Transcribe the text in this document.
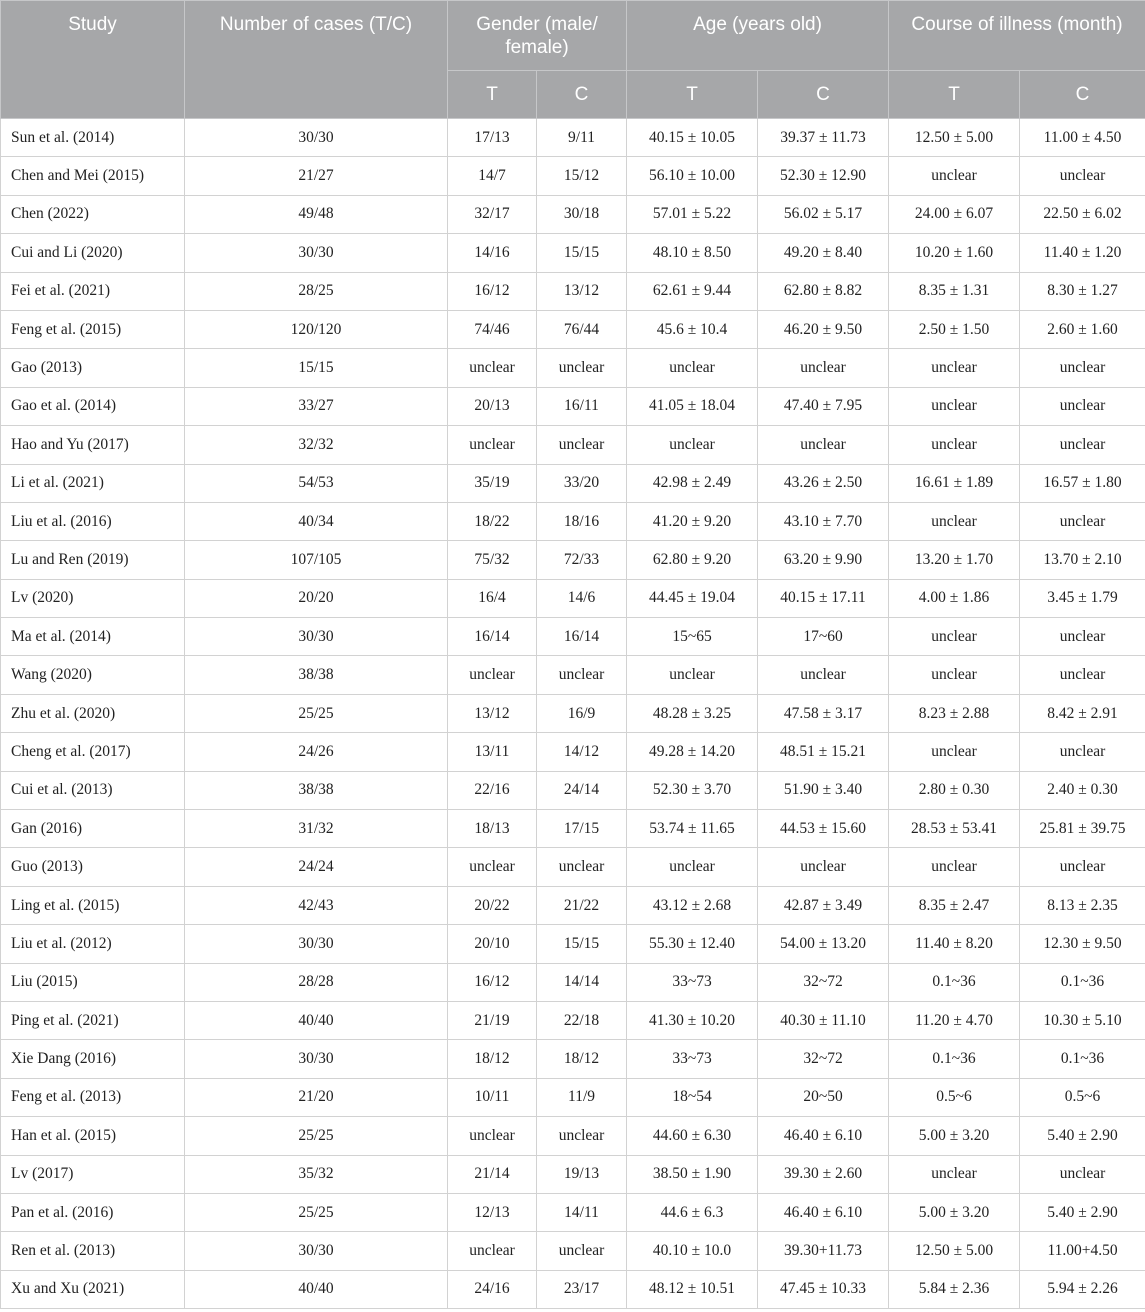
Study	Number of cases (T/C)	Gender (male/ female)		Age (years old)		Course of illness (month)	
		T	C	T	C	T	C
Sun et al. (2014)	30/30	17/13	9/11	40.15 ± 10.05	39.37 ± 11.73	12.50 ± 5.00	11.00 ± 4.50
Chen and Mei (2015)	21/27	14/7	15/12	56.10 ± 10.00	52.30 ± 12.90	unclear	unclear
Chen (2022)	49/48	32/17	30/18	57.01 ± 5.22	56.02 ± 5.17	24.00 ± 6.07	22.50 ± 6.02
Cui and Li (2020)	30/30	14/16	15/15	48.10 ± 8.50	49.20 ± 8.40	10.20 ± 1.60	11.40 ± 1.20
Fei et al. (2021)	28/25	16/12	13/12	62.61 ± 9.44	62.80 ± 8.82	8.35 ± 1.31	8.30 ± 1.27
Feng et al. (2015)	120/120	74/46	76/44	45.6 ± 10.4	46.20 ± 9.50	2.50 ± 1.50	2.60 ± 1.60
Gao (2013)	15/15	unclear	unclear	unclear	unclear	unclear	unclear
Gao et al. (2014)	33/27	20/13	16/11	41.05 ± 18.04	47.40 ± 7.95	unclear	unclear
Hao and Yu (2017)	32/32	unclear	unclear	unclear	unclear	unclear	unclear
Li et al. (2021)	54/53	35/19	33/20	42.98 ± 2.49	43.26 ± 2.50	16.61 ± 1.89	16.57 ± 1.80
Liu et al. (2016)	40/34	18/22	18/16	41.20 ± 9.20	43.10 ± 7.70	unclear	unclear
Lu and Ren (2019)	107/105	75/32	72/33	62.80 ± 9.20	63.20 ± 9.90	13.20 ± 1.70	13.70 ± 2.10
Lv (2020)	20/20	16/4	14/6	44.45 ± 19.04	40.15 ± 17.11	4.00 ± 1.86	3.45 ± 1.79
Ma et al. (2014)	30/30	16/14	16/14	15~65	17~60	unclear	unclear
Wang (2020)	38/38	unclear	unclear	unclear	unclear	unclear	unclear
Zhu et al. (2020)	25/25	13/12	16/9	48.28 ± 3.25	47.58 ± 3.17	8.23 ± 2.88	8.42 ± 2.91
Cheng et al. (2017)	24/26	13/11	14/12	49.28 ± 14.20	48.51 ± 15.21	unclear	unclear
Cui et al. (2013)	38/38	22/16	24/14	52.30 ± 3.70	51.90 ± 3.40	2.80 ± 0.30	2.40 ± 0.30
Gan (2016)	31/32	18/13	17/15	53.74 ± 11.65	44.53 ± 15.60	28.53 ± 53.41	25.81 ± 39.75
Guo (2013)	24/24	unclear	unclear	unclear	unclear	unclear	unclear
Ling et al. (2015)	42/43	20/22	21/22	43.12 ± 2.68	42.87 ± 3.49	8.35 ± 2.47	8.13 ± 2.35
Liu et al. (2012)	30/30	20/10	15/15	55.30 ± 12.40	54.00 ± 13.20	11.40 ± 8.20	12.30 ± 9.50
Liu (2015)	28/28	16/12	14/14	33~73	32~72	0.1~36	0.1~36
Ping et al. (2021)	40/40	21/19	22/18	41.30 ± 10.20	40.30 ± 11.10	11.20 ± 4.70	10.30 ± 5.10
Xie Dang (2016)	30/30	18/12	18/12	33~73	32~72	0.1~36	0.1~36
Feng et al. (2013)	21/20	10/11	11/9	18~54	20~50	0.5~6	0.5~6
Han et al. (2015)	25/25	unclear	unclear	44.60 ± 6.30	46.40 ± 6.10	5.00 ± 3.20	5.40 ± 2.90
Lv (2017)	35/32	21/14	19/13	38.50 ± 1.90	39.30 ± 2.60	unclear	unclear
Pan et al. (2016)	25/25	12/13	14/11	44.6 ± 6.3	46.40 ± 6.10	5.00 ± 3.20	5.40 ± 2.90
Ren et al. (2013)	30/30	unclear	unclear	40.10 ± 10.0	39.30+11.73	12.50 ± 5.00	11.00+4.50
Xu and Xu (2021)	40/40	24/16	23/17	48.12 ± 10.51	47.45 ± 10.33	5.84 ± 2.36	5.94 ± 2.26
